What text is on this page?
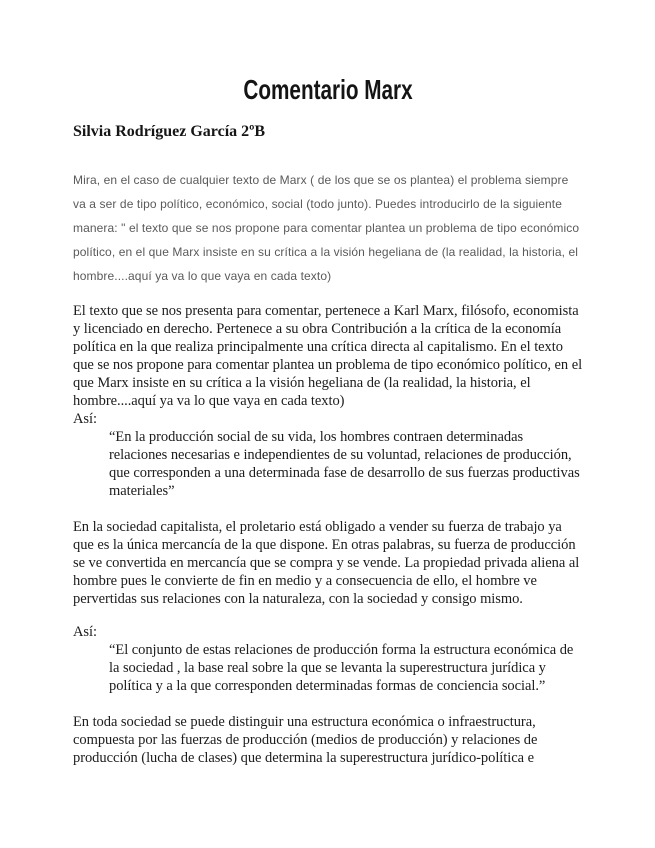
Comentario Marx
Silvia Rodríguez García 2ºB

Mira, en el caso de cualquier texto de Marx ( de los que se os plantea) el problema siempre va a ser de tipo político, económico, social (todo junto). Puedes introducirlo de la siguiente manera: " el texto que se nos propone para comentar plantea un problema de tipo económico político, en el que Marx insiste en su crítica a la visión hegeliana de (la realidad, la historia, el hombre....aquí ya va lo que vaya en cada texto)

El texto que se nos presenta para comentar, pertenece a Karl Marx, filósofo, economista y licenciado en derecho. Pertenece a su obra Contribución a la crítica de la economía política en la que realiza principalmente una crítica directa al capitalismo. En el texto que se nos propone para comentar plantea un problema de tipo económico político, en el que Marx insiste en su crítica a la visión hegeliana de (la realidad, la historia, el hombre....aquí ya va lo que vaya en cada texto)
Así:
“En la producción social de su vida, los hombres contraen determinadas relaciones necesarias e independientes de su voluntad, relaciones de producción, que corresponden a una determinada fase de desarrollo de sus fuerzas productivas materiales”
En la sociedad capitalista, el proletario está obligado a vender su fuerza de trabajo ya que es la única mercancía de la que dispone. En otras palabras, su fuerza de producción se ve convertida en mercancía que se compra y se vende. La propiedad privada aliena al hombre pues le convierte de fin en medio y a consecuencia de ello, el hombre ve pervertidas sus relaciones con la naturaleza, con la sociedad y consigo mismo.
Así:
“El conjunto de estas relaciones de producción forma la estructura económica de la sociedad , la base real sobre la que se levanta la superestructura jurídica y política y a la que corresponden determinadas formas de conciencia social.”
En toda sociedad se puede distinguir una estructura económica o infraestructura, compuesta por las fuerzas de producción (medios de producción) y relaciones de producción (lucha de clases) que determina la superestructura jurídico-política e
